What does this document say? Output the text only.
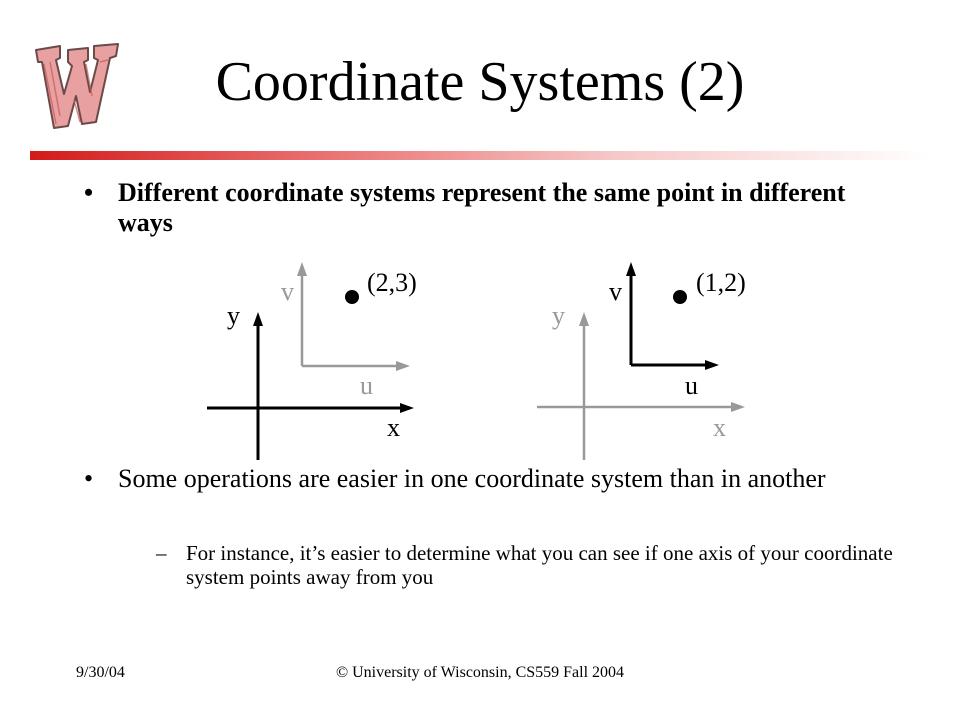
Coordinate Systems (2)
• Different coordinate systems represent the same point in different ways
(2,3)
y
x
v
u
(1,2)
y
x
v
u
• Some operations are easier in one coordinate system than in another
– For instance, it’s easier to determine what you can see if one axis of your coordinate system points away from you
9/30/04	© University of Wisconsin, CS559 Fall 2004
